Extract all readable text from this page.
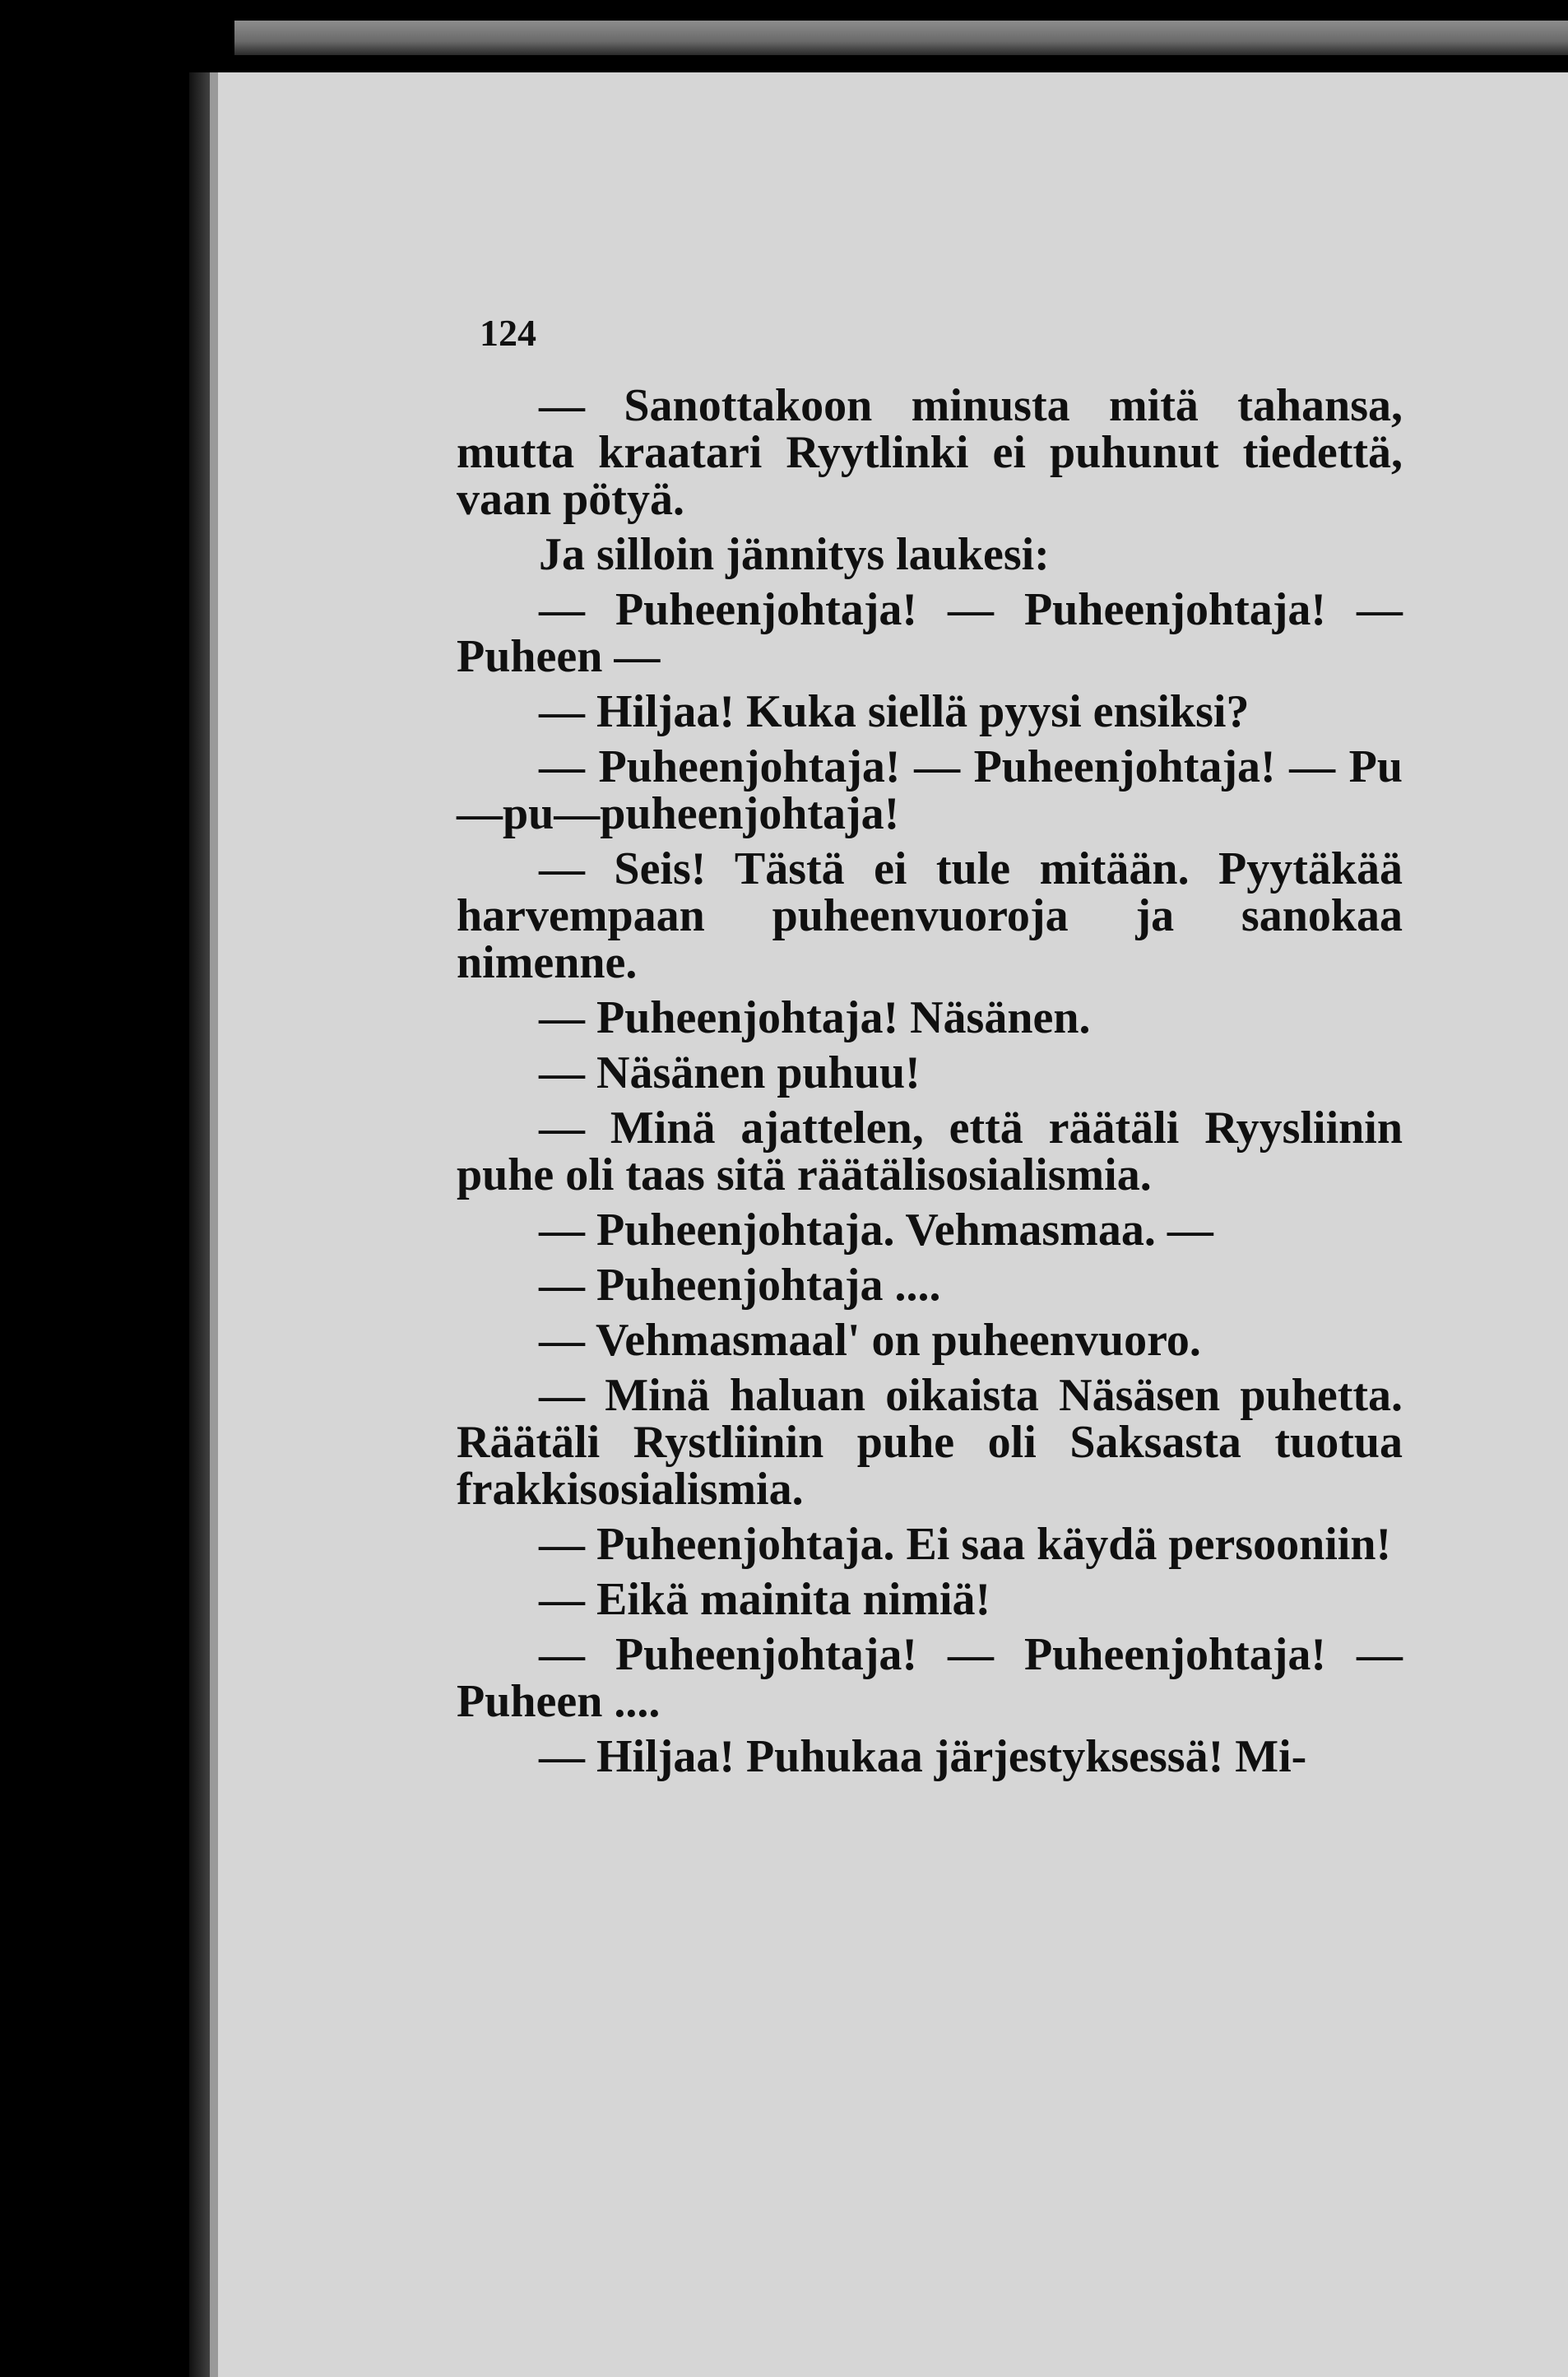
124

— Sanottakoon minusta mitä tahansa, mutta kraatari Ryytlinki ei puhunut tiedettä, vaan pötyä.

Ja silloin jännitys laukesi:

— Puheenjohtaja! — Puheenjohtaja! — Puheen —

— Hiljaa! Kuka siellä pyysi ensiksi?

— Puheenjohtaja! — Puheenjohtaja! — Pu—pu—puheenjohtaja!

— Seis! Tästä ei tule mitään. Pyytäkää harvempaan puheenvuoroja ja sanokaa nimenne.

— Puheenjohtaja! Näsänen.

— Näsänen puhuu!

— Minä ajattelen, että räätäli Ryysliinin puhe oli taas sitä räätälisosialismia.

— Puheenjohtaja. Vehmasmaa. —

— Puheenjohtaja ....

— Vehmasmaal' on puheenvuoro.

— Minä haluan oikaista Näsäsen puhetta. Räätäli Rystliinin puhe oli Saksasta tuotua frakkisosialismia.

— Puheenjohtaja. Ei saa käydä persooniin!

— Eikä mainita nimiä!

— Puheenjohtaja! — Puheenjohtaja! — Puheen ....

— Hiljaa! Puhukaa järjestyksessä! Mi-
